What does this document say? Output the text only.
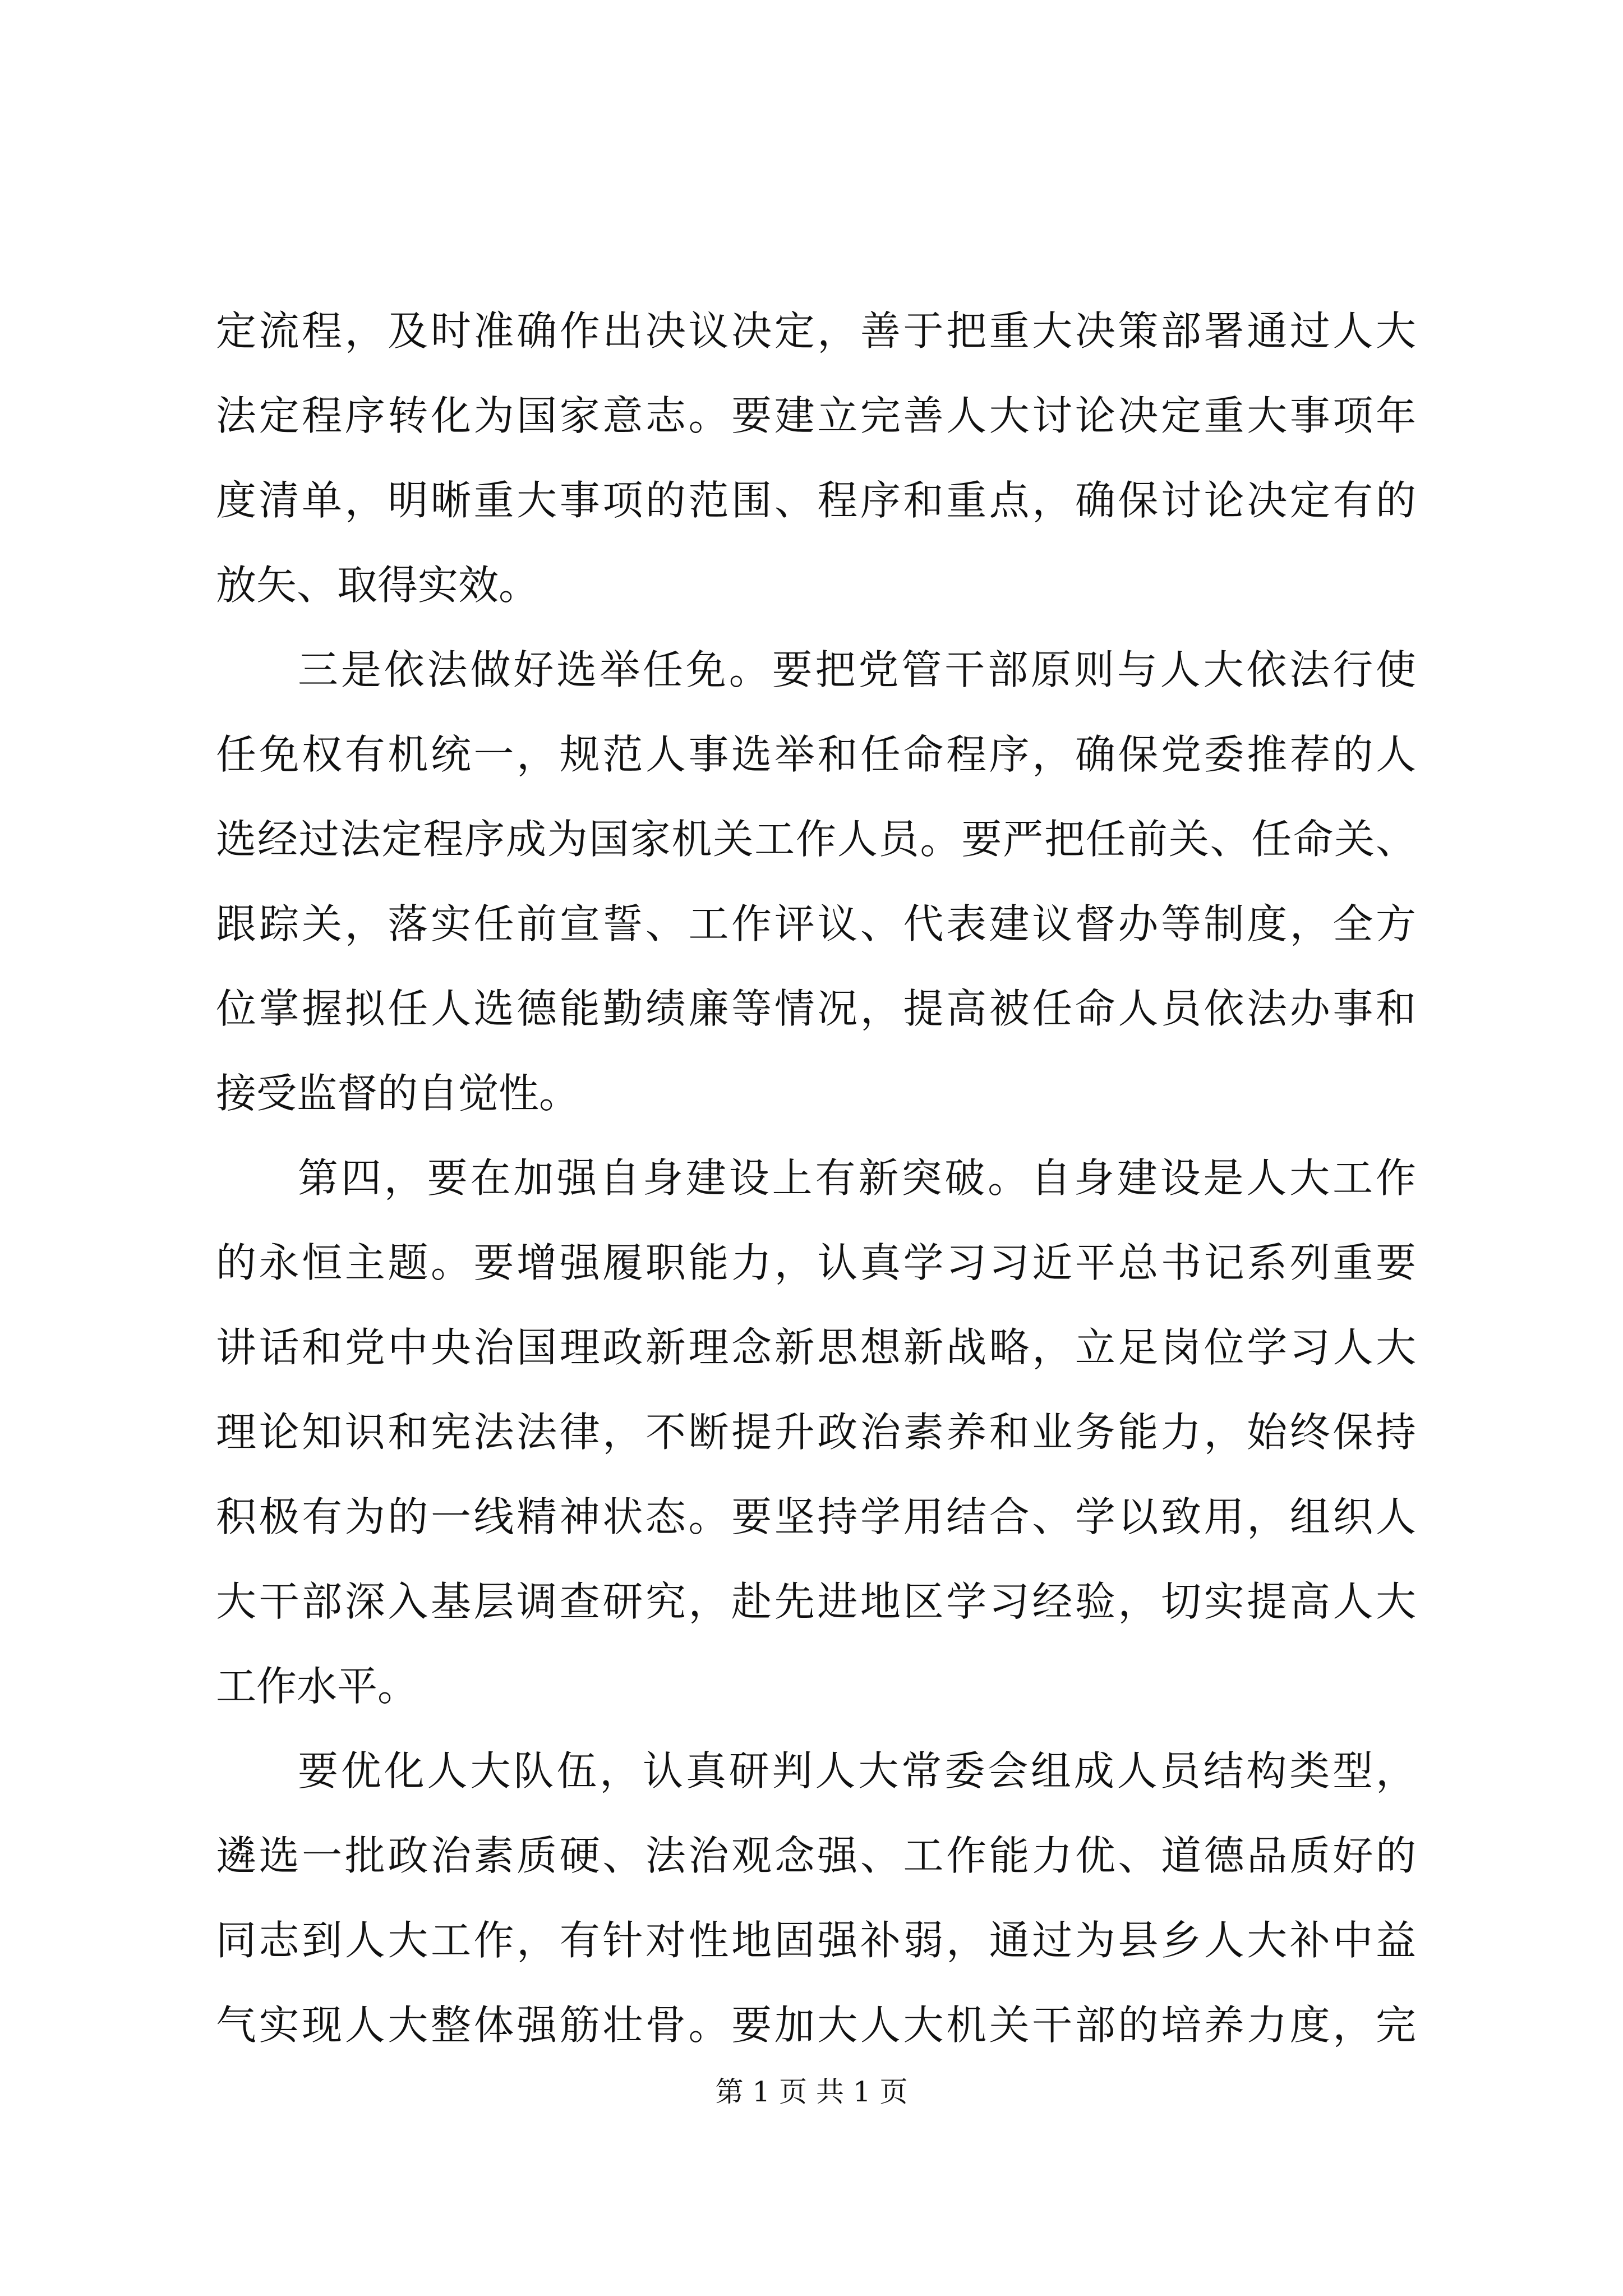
定流程，及时准确作出决议决定，善于把重大决策部署通过人大
法定程序转化为国家意志。要建立完善人大讨论决定重大事项年
度清单，明晰重大事项的范围、程序和重点，确保讨论决定有的
放矢、取得实效。
三是依法做好选举任免。要把党管干部原则与人大依法行使
任免权有机统一，规范人事选举和任命程序，确保党委推荐的人
选经过法定程序成为国家机关工作人员。要严把任前关、任命关、
跟踪关，落实任前宣誓、工作评议、代表建议督办等制度，全方
位掌握拟任人选德能勤绩廉等情况，提高被任命人员依法办事和
接受监督的自觉性。
第四，要在加强自身建设上有新突破。自身建设是人大工作
的永恒主题。要增强履职能力，认真学习习近平总书记系列重要
讲话和党中央治国理政新理念新思想新战略，立足岗位学习人大
理论知识和宪法法律，不断提升政治素养和业务能力，始终保持
积极有为的一线精神状态。要坚持学用结合、学以致用，组织人
大干部深入基层调查研究，赴先进地区学习经验，切实提高人大
工作水平。
要优化人大队伍，认真研判人大常委会组成人员结构类型，
遴选一批政治素质硬、法治观念强、工作能力优、道德品质好的
同志到人大工作，有针对性地固强补弱，通过为县乡人大补中益
气实现人大整体强筋壮骨。要加大人大机关干部的培养力度，完
第 1 页 共 1 页
